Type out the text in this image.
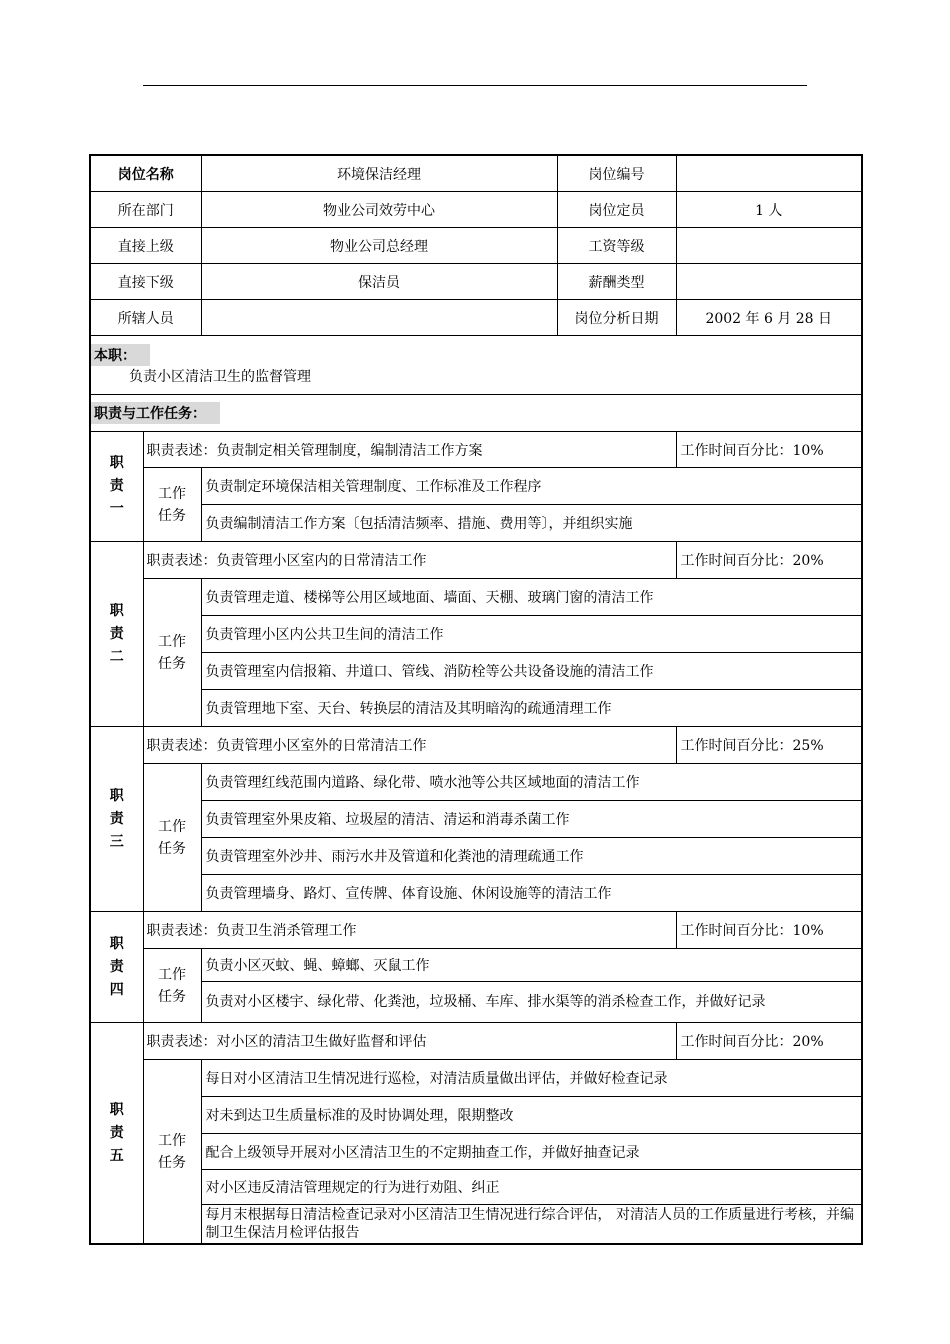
岗位名称		环境保洁经理	岗位编号	
所在部门		物业公司效劳中心	岗位定员	1 人
直接上级		物业公司总经理	工资等级	
直接下级		保洁员	薪酬类型	
所辖人员			岗位分析日期	2002 年 6 月 28 日
本职：
负责小区清洁卫生的监督管理				

职责与工作任务：				

职
责
一	职责表述：负责制定相关管理制度，编制清洁工作方案			工作时间百分比：10%

	工作
任务	负责制定环境保洁相关管理制度、工作标准及工作程序		
		负责编制清洁工作方案〔包括清洁频率、措施、费用等〕，并组织实施		

职
责
二	职责表述：负责管理小区室内的日常清洁工作			工作时间百分比：20%

	工作
任务	负责管理走道、楼梯等公用区域地面、墙面、天棚、玻璃门窗的清洁工作		
		负责管理小区内公共卫生间的清洁工作		
		负责管理室内信报箱、井道口、管线、消防栓等公共设备设施的清洁工作		
		负责管理地下室、天台、转换层的清洁及其明暗沟的疏通清理工作		

职
责
三	职责表述：负责管理小区室外的日常清洁工作			工作时间百分比：25%

	工作
任务	负责管理红线范围内道路、绿化带、喷水池等公共区域地面的清洁工作		
		负责管理室外果皮箱、垃圾屋的清洁、清运和消毒杀菌工作		
		负责管理室外沙井、雨污水井及管道和化粪池的清理疏通工作		
		负责管理墙身、路灯、宣传牌、体育设施、休闲设施等的清洁工作		

职
责
四	职责表述：负责卫生消杀管理工作			工作时间百分比：10%

	工作
任务	负责小区灭蚊、蝇、蟑螂、灭鼠工作		
		负责对小区楼宇、绿化带、化粪池，垃圾桶、车库、排水渠等的消杀检查工作，并做好记录		

职
责
五	职责表述：对小区的清洁卫生做好监督和评估			工作时间百分比：20%

	工作
任务	每日对小区清洁卫生情况进行巡检，对清洁质量做出评估，并做好检查记录		
		对未到达卫生质量标准的及时协调处理，限期整改		
		配合上级领导开展对小区清洁卫生的不定期抽查工作，并做好抽查记录		
		对小区违反清洁管理规定的行为进行劝阻、纠正		
		每月末根据每日清洁检查记录对小区清洁卫生情况进行综合评估， 对清洁人员的工作质量进行考核，并编制卫生保洁月检评估报告		
